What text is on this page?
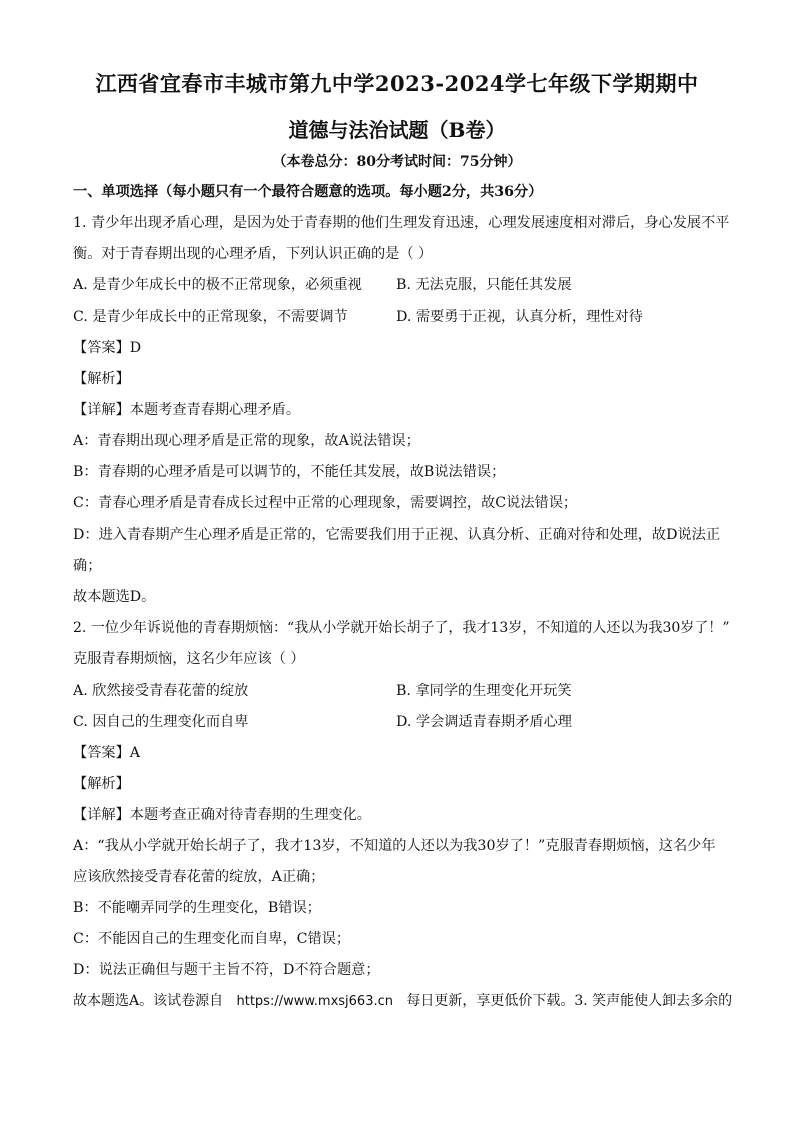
江西省宜春市丰城市第九中学2023-2024学七年级下学期期中
道德与法治试题（B卷）
（本卷总分：80分考试时间：75分钟）
一、单项选择（每小题只有一个最符合题意的选项。每小题2分，共36分）
1. 青少年出现矛盾心理，是因为处于青春期的他们生理发育迅速，心理发展速度相对滞后，身心发展不平
衡。对于青春期出现的心理矛盾，下列认识正确的是（ ）
A. 是青少年成长中的极不正常现象，必须重视 B. 无法克服，只能任其发展
C. 是青少年成长中的正常现象，不需要调节	D. 需要勇于正视，认真分析，理性对待
【答案】D
【解析】
【详解】本题考查青春期心理矛盾。
A：青春期出现心理矛盾是正常的现象，故A说法错误；
B：青春期的心理矛盾是可以调节的，不能任其发展，故B说法错误；
C：青春心理矛盾是青春成长过程中正常的心理现象，需要调控，故C说法错误；
D：进入青春期产生心理矛盾是正常的，它需要我们用于正视、认真分析、正确对待和处理，故D说法正
确；
故本题选D。
2. 一位少年诉说他的青春期烦恼：“我从小学就开始长胡子了，我才13岁，不知道的人还以为我30岁了！”
克服青春期烦恼，这名少年应该（ ）
A. 欣然接受青春花蕾的绽放	B. 拿同学的生理变化开玩笑
C. 因自己的生理变化而自卑	D. 学会调适青春期矛盾心理
【答案】A
【解析】
【详解】本题考查正确对待青春期的生理变化。
A：“我从小学就开始长胡子了，我才13岁，不知道的人还以为我30岁了！”克服青春期烦恼，这名少年
应该欣然接受青春花蕾的绽放，A正确；
B：不能嘲弄同学的生理变化，B错误；
C：不能因自己的生理变化而自卑，C错误；
D：说法正确但与题干主旨不符，D不符合题意；
故本题选A。该试卷源自 https://www.mxsj663.cn 每日更新，享更低价下载。3. 笑声能使人卸去多余的
